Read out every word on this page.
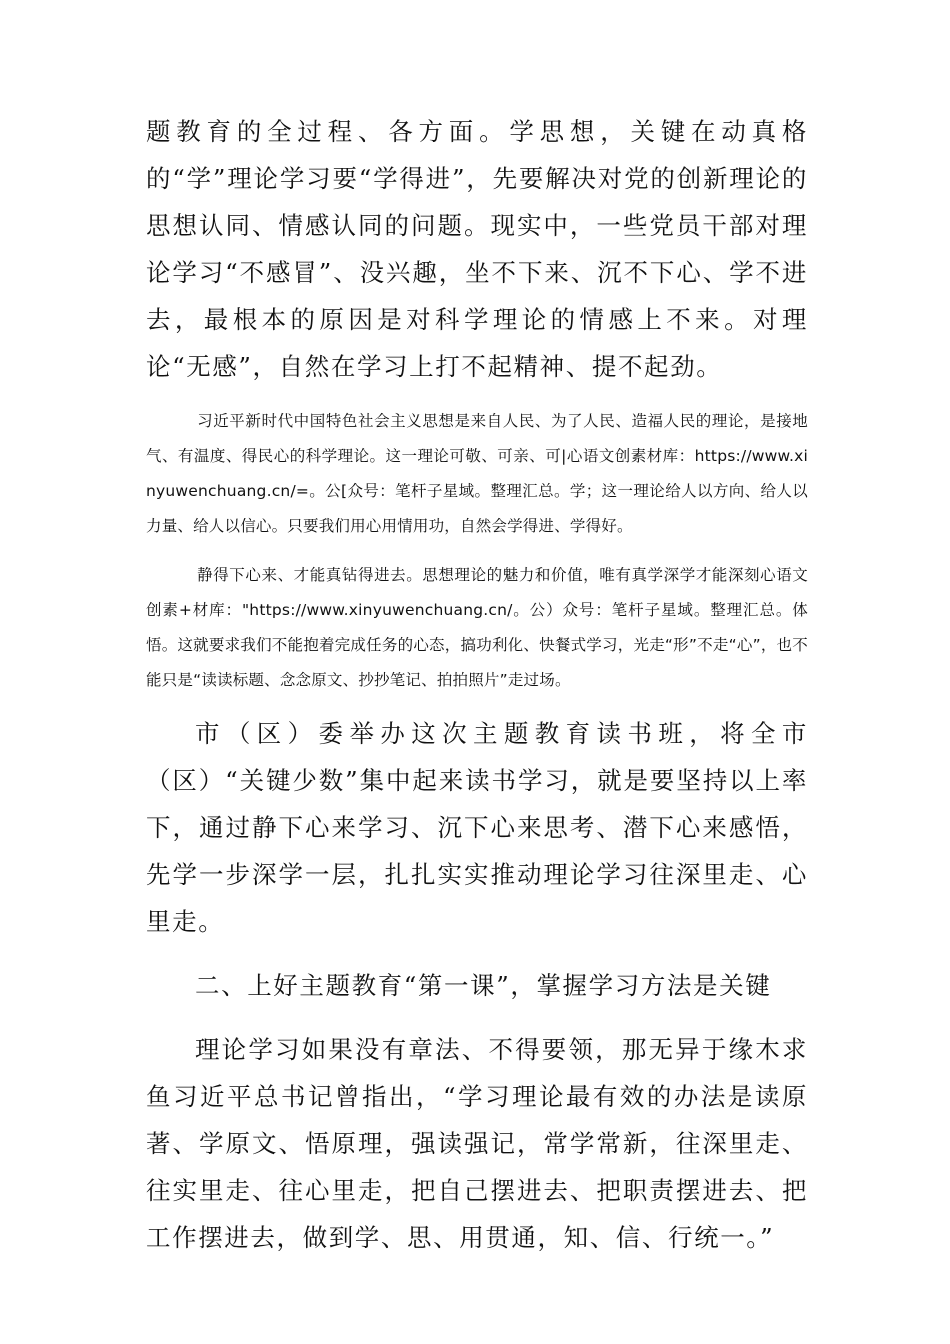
题教育的全过程、各方面。学思想，关键在动真格的“学”理论学习要“学得进”，先要解决对党的创新理论的思想认同、情感认同的问题。现实中，一些党员干部对理论学习“不感冒”、没兴趣，坐不下来、沉不下心、学不进去，最根本的原因是对科学理论的情感上不来。对理论“无感”，自然在学习上打不起精神、提不起劲。

习近平新时代中国特色社会主义思想是来自人民、为了人民、造福人民的理论，是接地气、有温度、得民心的科学理论。这一理论可敬、可亲、可|心语文创素材库：https://www.xinyuwenchuang.cn/=。公[众号：笔杆子星域。整理汇总。学；这一理论给人以方向、给人以力量、给人以信心。只要我们用心用情用功，自然会学得进、学得好。

静得下心来、才能真钻得进去。思想理论的魅力和价值，唯有真学深学才能深刻心语文创素+材库："https://www.xinyuwenchuang.cn/。公）众号：笔杆子星域。整理汇总。体悟。这就要求我们不能抱着完成任务的心态，搞功利化、快餐式学习，光走“形”不走“心”，也不能只是“读读标题、念念原文、抄抄笔记、拍拍照片”走过场。

市（区）委举办这次主题教育读书班，将全市（区）“关键少数”集中起来读书学习，就是要坚持以上率下，通过静下心来学习、沉下心来思考、潜下心来感悟，先学一步深学一层，扎扎实实推动理论学习往深里走、心里走。

二、上好主题教育“第一课”，掌握学习方法是关键

理论学习如果没有章法、不得要领，那无异于缘木求鱼习近平总书记曾指出，“学习理论最有效的办法是读原著、学原文、悟原理，强读强记，常学常新，往深里走、往实里走、往心里走，把自己摆进去、把职责摆进去、把工作摆进去，做到学、思、用贯通，知、信、行统一。”
